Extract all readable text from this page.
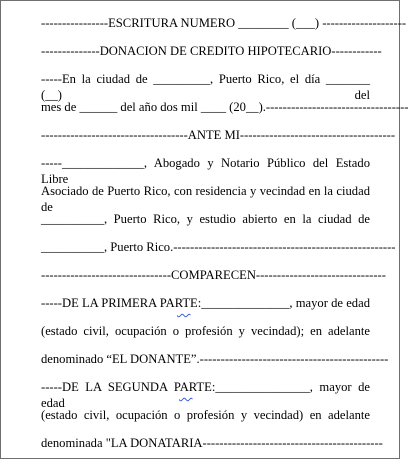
----------------ESCRITURA NUMERO ________ (___) --------------------
--------------DONACION DE CREDITO HIPOTECARIO------------
-----En la ciudad de _________, Puerto Rico, el día _______ (__) del
mes de ______ del año dos mil ____ (20__).----------------------------------
-----------------------------------ANTE MI-------------------------------------
-----_____________, Abogado y Notario Público del Estado Libre
Asociado de Puerto Rico, con residencia y vecindad en la ciudad de
__________, Puerto Rico, y estudio abierto en la ciudad de
__________, Puerto Rico.-----------------------------------------------------
-------------------------------COMPARECEN-------------------------------
-----DE LA PRIMERA PARTE:______________, mayor de edad
(estado civil, ocupación o profesión y vecindad); en adelante
denominado “EL DONANTE”.---------------------------------------------
-----DE LA SEGUNDA PARTE:_______________, mayor de edad
(estado civil, ocupación o profesión y vecindad) en adelante
denominada "LA DONATARIA-------------------------------------------
